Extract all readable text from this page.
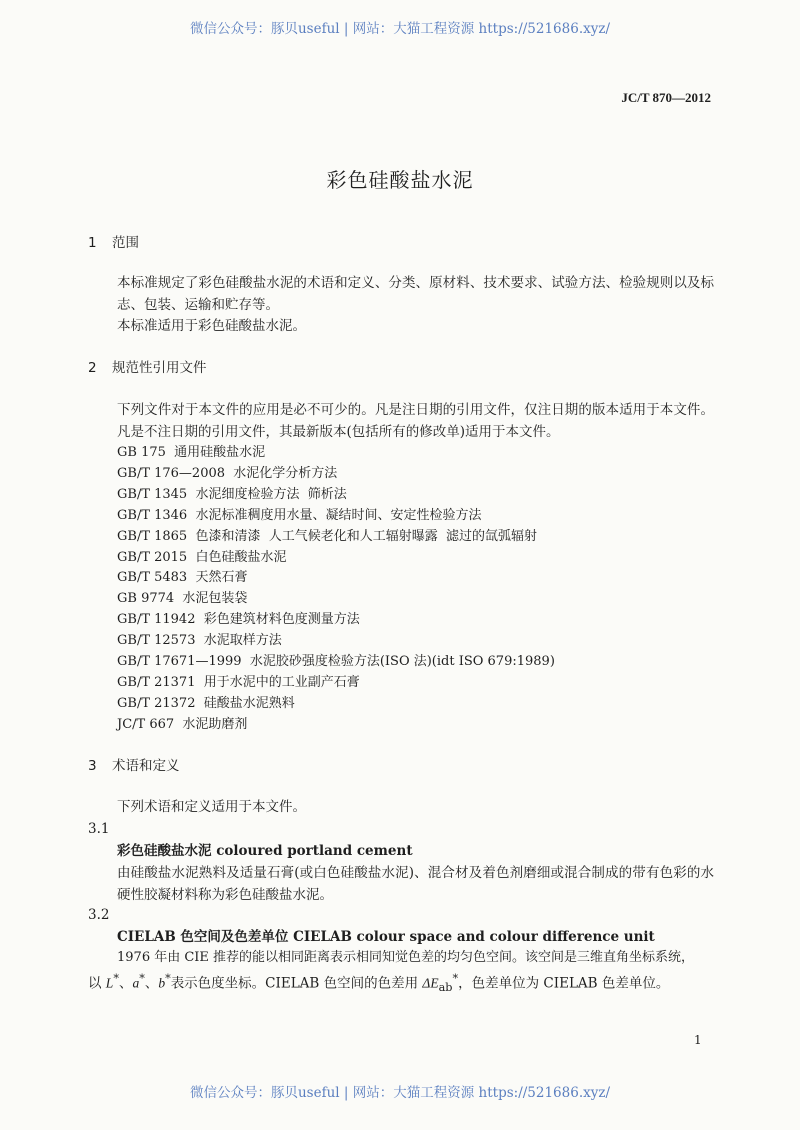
微信公众号：豚贝useful | 网站：大猫工程资源 https://521686.xyz/
JC/T 870—2012
彩色硅酸盐水泥
1 范围
本标准规定了彩色硅酸盐水泥的术语和定义、分类、原材料、技术要求、试验方法、检验规则以及标志、包装、运输和贮存等。
本标准适用于彩色硅酸盐水泥。
2 规范性引用文件
下列文件对于本文件的应用是必不可少的。凡是注日期的引用文件，仅注日期的版本适用于本文件。凡是不注日期的引用文件，其最新版本(包括所有的修改单)适用于本文件。
GB 175  通用硅酸盐水泥
GB/T 176—2008  水泥化学分析方法
GB/T 1345  水泥细度检验方法  筛析法
GB/T 1346  水泥标准稠度用水量、凝结时间、安定性检验方法
GB/T 1865  色漆和清漆  人工气候老化和人工辐射曝露  滤过的氙弧辐射
GB/T 2015  白色硅酸盐水泥
GB/T 5483  天然石膏
GB 9774  水泥包装袋
GB/T 11942  彩色建筑材料色度测量方法
GB/T 12573  水泥取样方法
GB/T 17671—1999  水泥胶砂强度检验方法(ISO 法)(idt ISO 679:1989)
GB/T 21371  用于水泥中的工业副产石膏
GB/T 21372  硅酸盐水泥熟料
JC/T 667  水泥助磨剂
3 术语和定义
下列术语和定义适用于本文件。
3.1
彩色硅酸盐水泥 coloured portland cement
由硅酸盐水泥熟料及适量石膏(或白色硅酸盐水泥)、混合材及着色剂磨细或混合制成的带有色彩的水硬性胶凝材料称为彩色硅酸盐水泥。
3.2
CIELAB 色空间及色差单位 CIELAB colour space and colour difference unit
1976 年由 CIE 推荐的能以相同距离表示相同知觉色差的均匀色空间。该空间是三维直角坐标系统，
以 L*、a*、b*表示色度坐标。CIELAB 色空间的色差用 $\Delta E_{ab}^*$，色差单位为 CIELAB 色差单位。
1
微信公众号：豚贝useful | 网站：大猫工程资源 https://521686.xyz/
